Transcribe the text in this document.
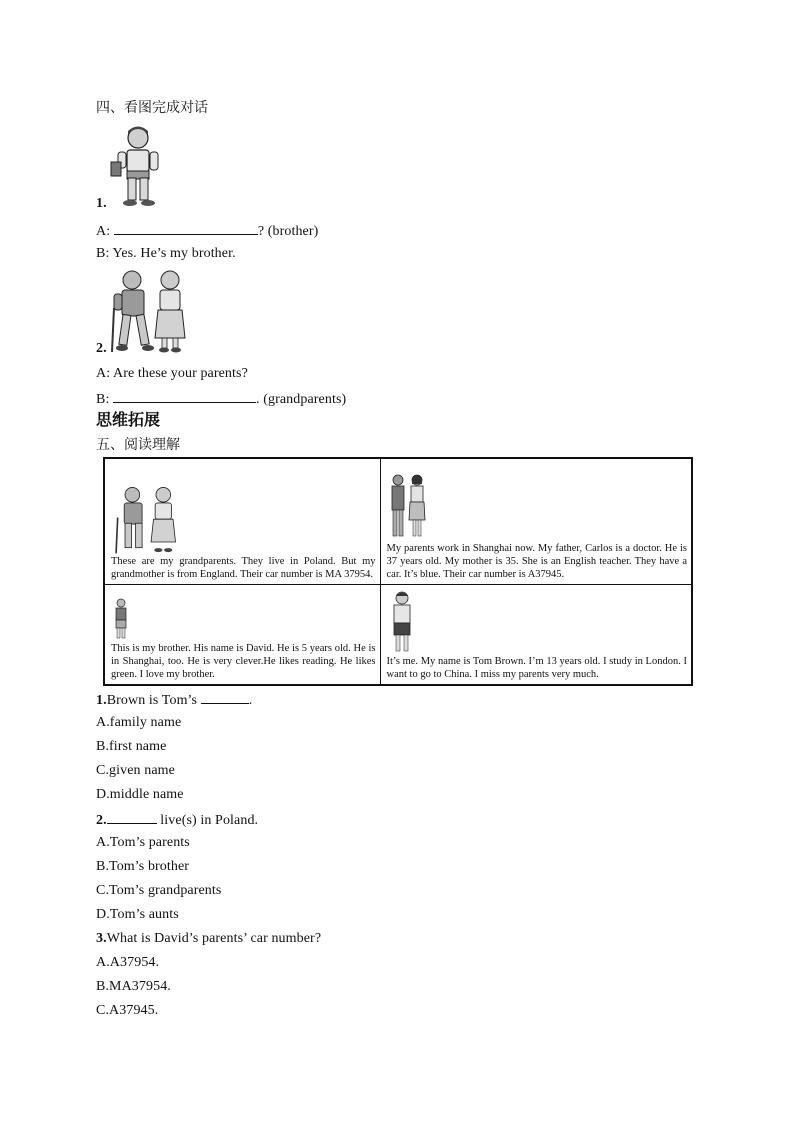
四、看图完成对话
1.
A:	? (brother)
B: Yes. He’s my brother.
2.
A: Are these your parents?
B:	. (grandparents)
思维拓展
五、阅读理解
These are my grandparents. They live in Poland. But my grandmother is from England. Their car number is MA 37954.	My parents work in Shanghai now. My father, Carlos is a doctor. He is 37 years old. My mother is 35. She is an English teacher. They have a car. It’s blue. Their car number is A37945.

This is my brother. His name is David. He is 5 years old. He is in Shanghai, too. He is very clever.He likes reading. He likes green. I love my brother.	It’s me. My name is Tom Brown. I’m 13 years old. I study in London. I want to go to China. I miss my parents very much.
1.Brown is Tom’s	.
A.family name
B.first name
C.given name
D.middle name
2.	live(s) in Poland.
A.Tom’s parents
B.Tom’s brother
C.Tom’s grandparents
D.Tom’s aunts
3.What is David’s parents’ car number?
A.A37954.
B.MA37954.
C.A37945.
